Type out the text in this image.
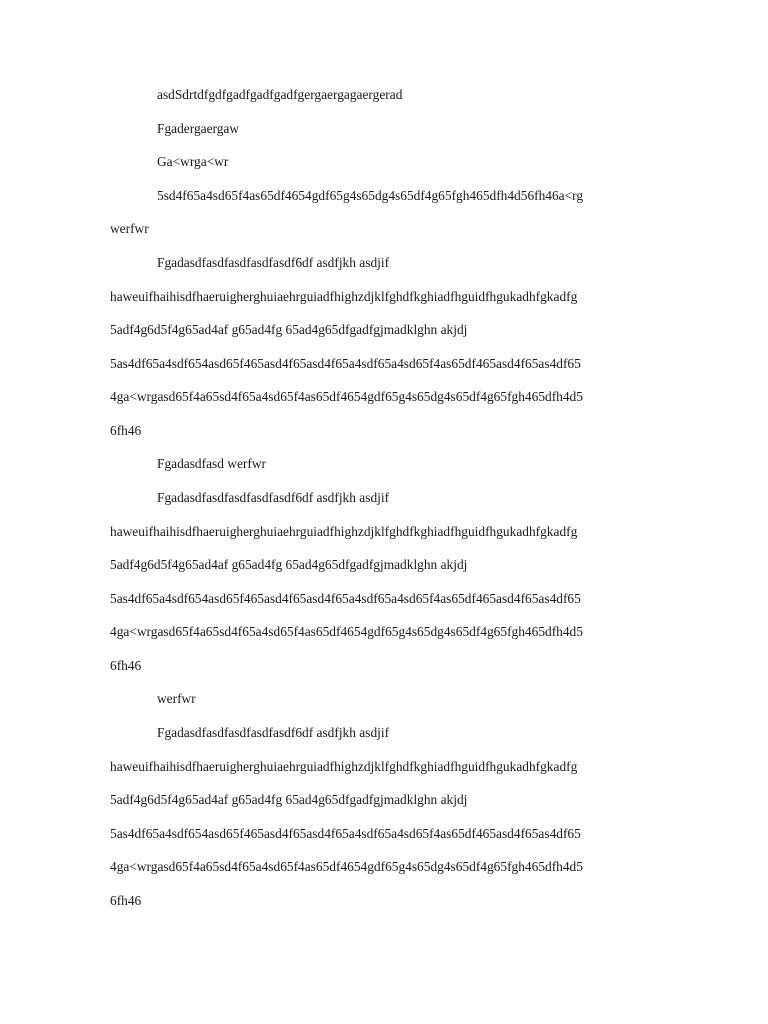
asdSdrtdfgdfgadfgadfgadfgergaergagaergerad
Fgadergaergaw
Ga<wrga<wr
5sd4f65a4sd65f4as65df4654gdf65g4s65dg4s65df4g65fgh465dfh4d56fh46a<rg
werfwr
Fgadasdfasdfasdfasdfasdf6df asdfjkh asdjif
haweuifhaihisdfhaeruigherghuiaehrguiadfhighzdjklfghdfkghiadfhguidfhgukadhfgkadfg
5adf4g6d5f4g65ad4af g65ad4fg 65ad4g65dfgadfgjmadklghn akjdj
5as4df65a4sdf654asd65f465asd4f65asd4f65a4sdf65a4sd65f4as65df465asd4f65as4df65
4ga<wrgasd65f4a65sd4f65a4sd65f4as65df4654gdf65g4s65dg4s65df4g65fgh465dfh4d5
6fh46
Fgadasdfasd werfwr
Fgadasdfasdfasdfasdfasdf6df asdfjkh asdjif
haweuifhaihisdfhaeruigherghuiaehrguiadfhighzdjklfghdfkghiadfhguidfhgukadhfgkadfg
5adf4g6d5f4g65ad4af g65ad4fg 65ad4g65dfgadfgjmadklghn akjdj
5as4df65a4sdf654asd65f465asd4f65asd4f65a4sdf65a4sd65f4as65df465asd4f65as4df65
4ga<wrgasd65f4a65sd4f65a4sd65f4as65df4654gdf65g4s65dg4s65df4g65fgh465dfh4d5
6fh46
werfwr
Fgadasdfasdfasdfasdfasdf6df asdfjkh asdjif
haweuifhaihisdfhaeruigherghuiaehrguiadfhighzdjklfghdfkghiadfhguidfhgukadhfgkadfg
5adf4g6d5f4g65ad4af g65ad4fg 65ad4g65dfgadfgjmadklghn akjdj
5as4df65a4sdf654asd65f465asd4f65asd4f65a4sdf65a4sd65f4as65df465asd4f65as4df65
4ga<wrgasd65f4a65sd4f65a4sd65f4as65df4654gdf65g4s65dg4s65df4g65fgh465dfh4d5
6fh46
